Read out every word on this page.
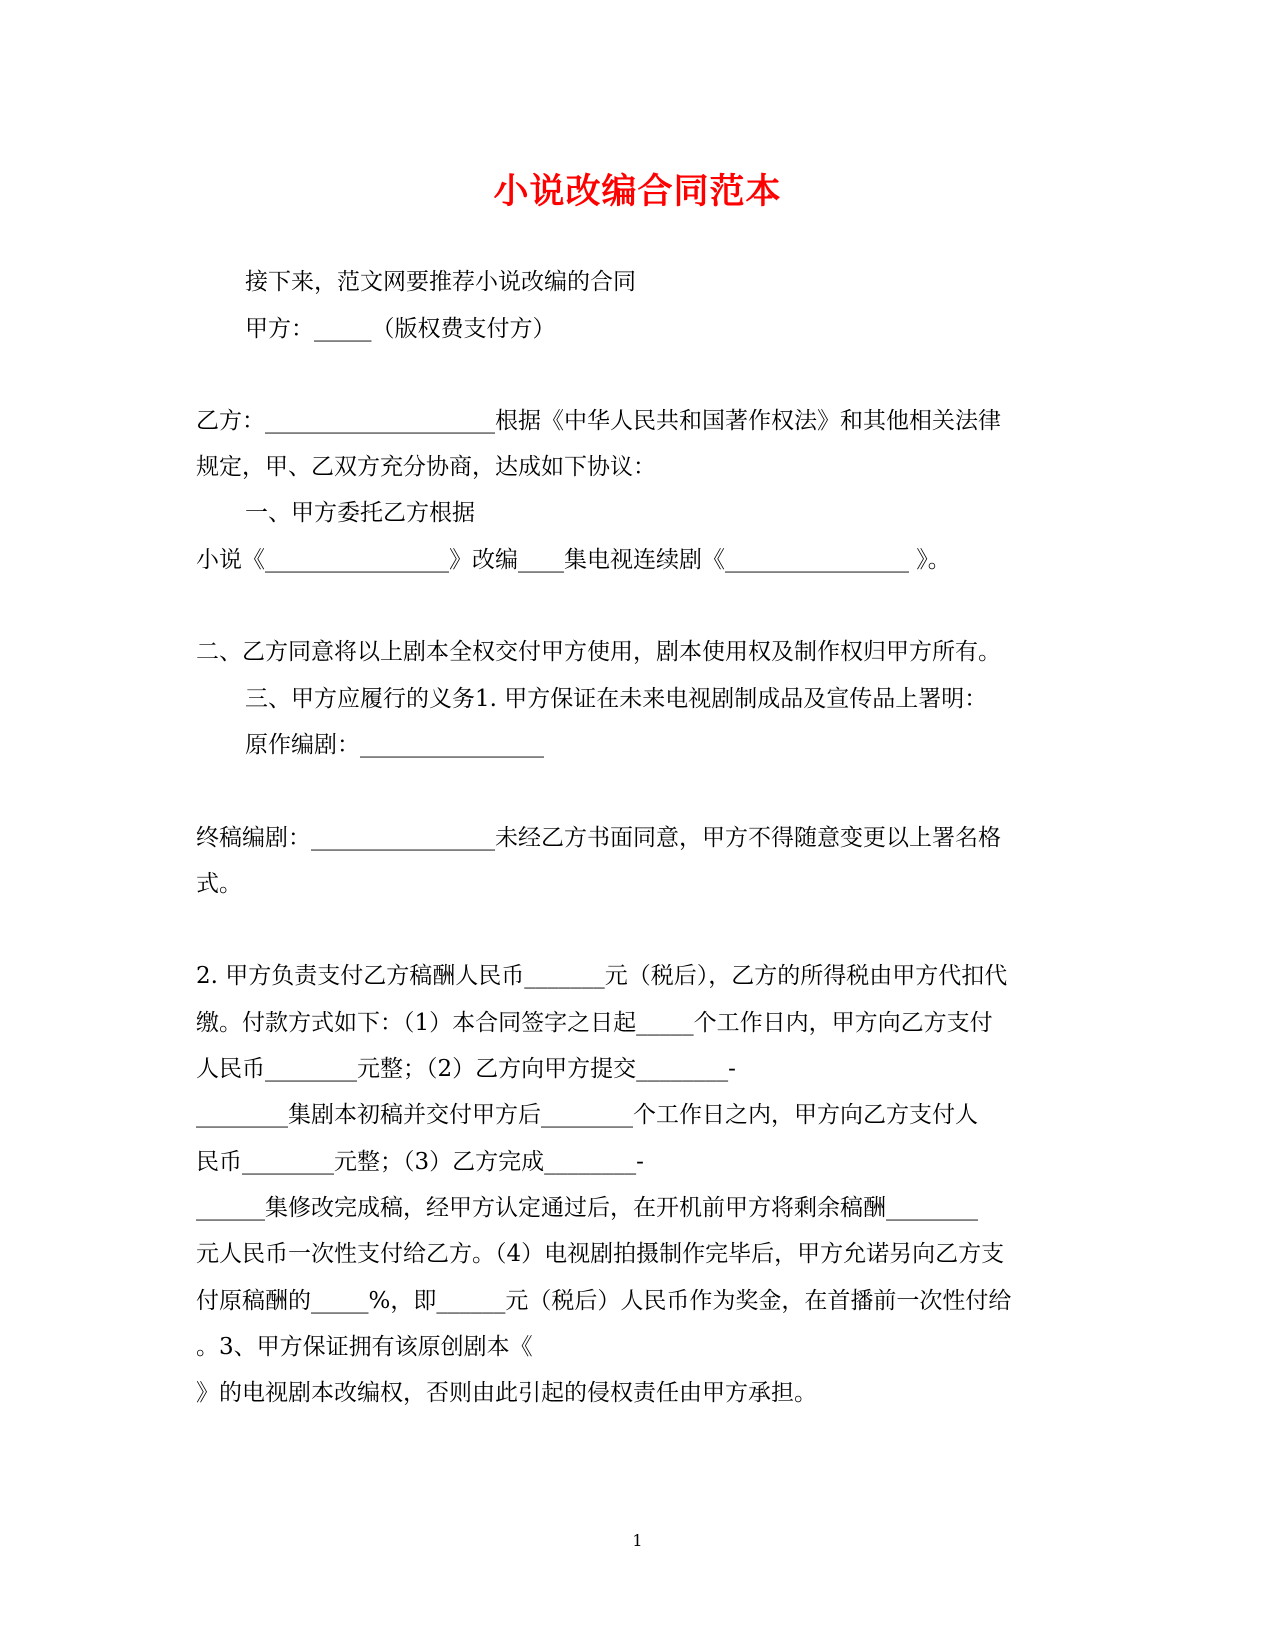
小说改编合同范本
接下来，范文网要推荐小说改编的合同
甲方：_____（版权费支付方）
乙方：____________________根据《中华人民共和国著作权法》和其他相关法律
规定，甲、乙双方充分协商，达成如下协议：
一、甲方委托乙方根据
小说《________________》改编____集电视连续剧《________________ 》。
二、乙方同意将以上剧本全权交付甲方使用，剧本使用权及制作权归甲方所有。
三、甲方应履行的义务1. 甲方保证在未来电视剧制成品及宣传品上署明：
原作编剧：________________
终稿编剧：________________未经乙方书面同意，甲方不得随意变更以上署名格
式。
2. 甲方负责支付乙方稿酬人民币_______元（税后），乙方的所得税由甲方代扣代
缴。付款方式如下：（1）本合同签字之日起_____个工作日内，甲方向乙方支付
人民币________元整；（2）乙方向甲方提交________-
________集剧本初稿并交付甲方后________个工作日之内，甲方向乙方支付人
民币________元整；（3）乙方完成________-
______集修改完成稿，经甲方认定通过后，在开机前甲方将剩余稿酬________
元人民币一次性支付给乙方。（4）电视剧拍摄制作完毕后，甲方允诺另向乙方支
付原稿酬的_____%，即______元（税后）人民币作为奖金，在首播前一次性付给
。3、甲方保证拥有该原创剧本《
》的电视剧本改编权，否则由此引起的侵权责任由甲方承担。
1
